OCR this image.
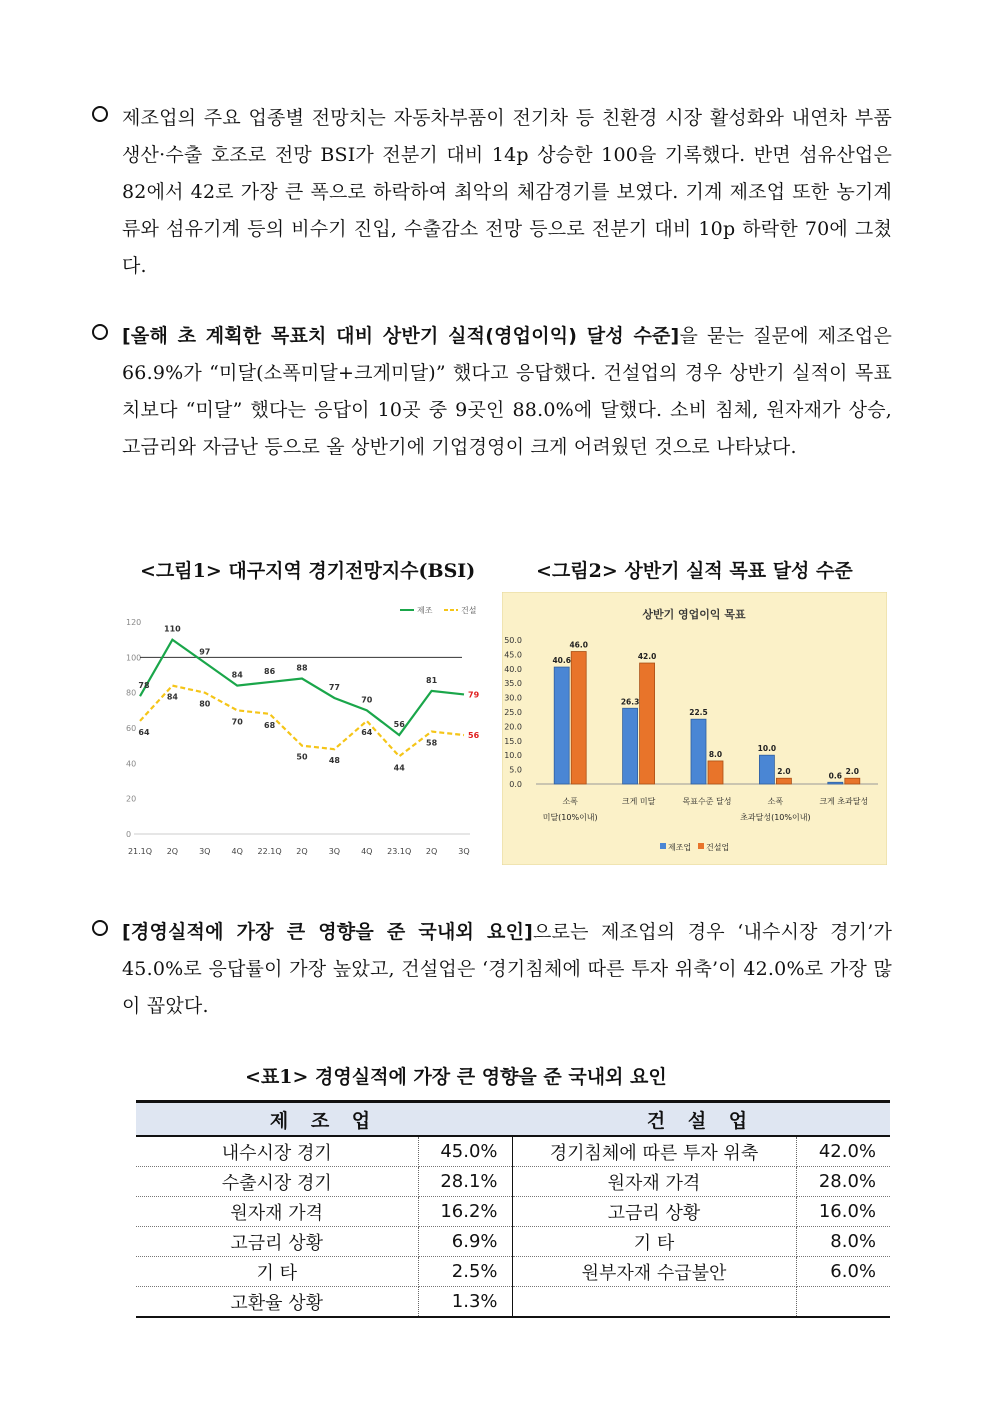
제조업의 주요 업종별 전망치는 자동차부품이 전기차 등 친환경 시장 활성화와 내연차 부품 생산·수출 호조로 전망 BSI가 전분기 대비 14p 상승한 100을 기록했다. 반면 섬유산업은 82에서 42로 가장 큰 폭으로 하락하여 최악의 체감경기를 보였다. 기계 제조업 또한 농기계류와 섬유기계 등의 비수기 진입, 수출감소 전망 등으로 전분기 대비 10p 하락한 70에 그쳤다.
[올해 초 계획한 목표치 대비 상반기 실적(영업이익) 달성 수준]을 묻는 질문에 제조업은 66.9%가 “미달(소폭미달+크게미달)” 했다고 응답했다. 건설업의 경우 상반기 실적이 목표치보다 “미달” 했다는 응답이 10곳 중 9곳인 88.0%에 달했다. 소비 침체, 원자재가 상승, 고금리와 자금난 등으로 올 상반기에 기업경영이 크게 어려웠던 것으로 나타났다.
<그림1> 대구지역 경기전망지수(BSI)	<그림2> 상반기 실적 목표 달성 수준
0
20
40
60
80
100
120
21.1Q 2Q	3Q	4Q 22.1Q 2Q	3Q	4Q 23.1Q 2Q	3Q
제조	건설
78
110
97
84	86	88
77
70
56
81
79
64
84
80
70	68
50	48
64
44
58
56
상반기 영업이익 목표
0.0
5.0
10.0
15.0
20.0
25.0
30.0
35.0
40.0
45.0
50.0
40.6
26.3
22.5
10.0
0.6
46.0
42.0
8.0
2.0	2.0
소폭
미달(10%이내)
크게 미달	목표수준 달성	소폭
초과달성(10%이내)
크게 초과달성
제조업 건설업
[경영실적에 가장 큰 영향을 준 국내외 요인]으로는 제조업의 경우 ‘내수시장 경기’가 45.0%로 응답률이 가장 높았고, 건설업은 ‘경기침체에 따른 투자 위축’이 42.0%로 가장 많이 꼽았다.
<표1> 경영실적에 가장 큰 영향을 준 국내외 요인
제 조 업		건 설 업	
내수시장 경기	45.0%	경기침체에 따른 투자 위축	42.0%
수출시장 경기	28.1%	원자재 가격	28.0%
원자재 가격	16.2%	고금리 상황	16.0%
고금리 상황	6.9%	기 타	8.0%
기 타	2.5%	원부자재 수급불안	6.0%
고환율 상황	1.3%		
